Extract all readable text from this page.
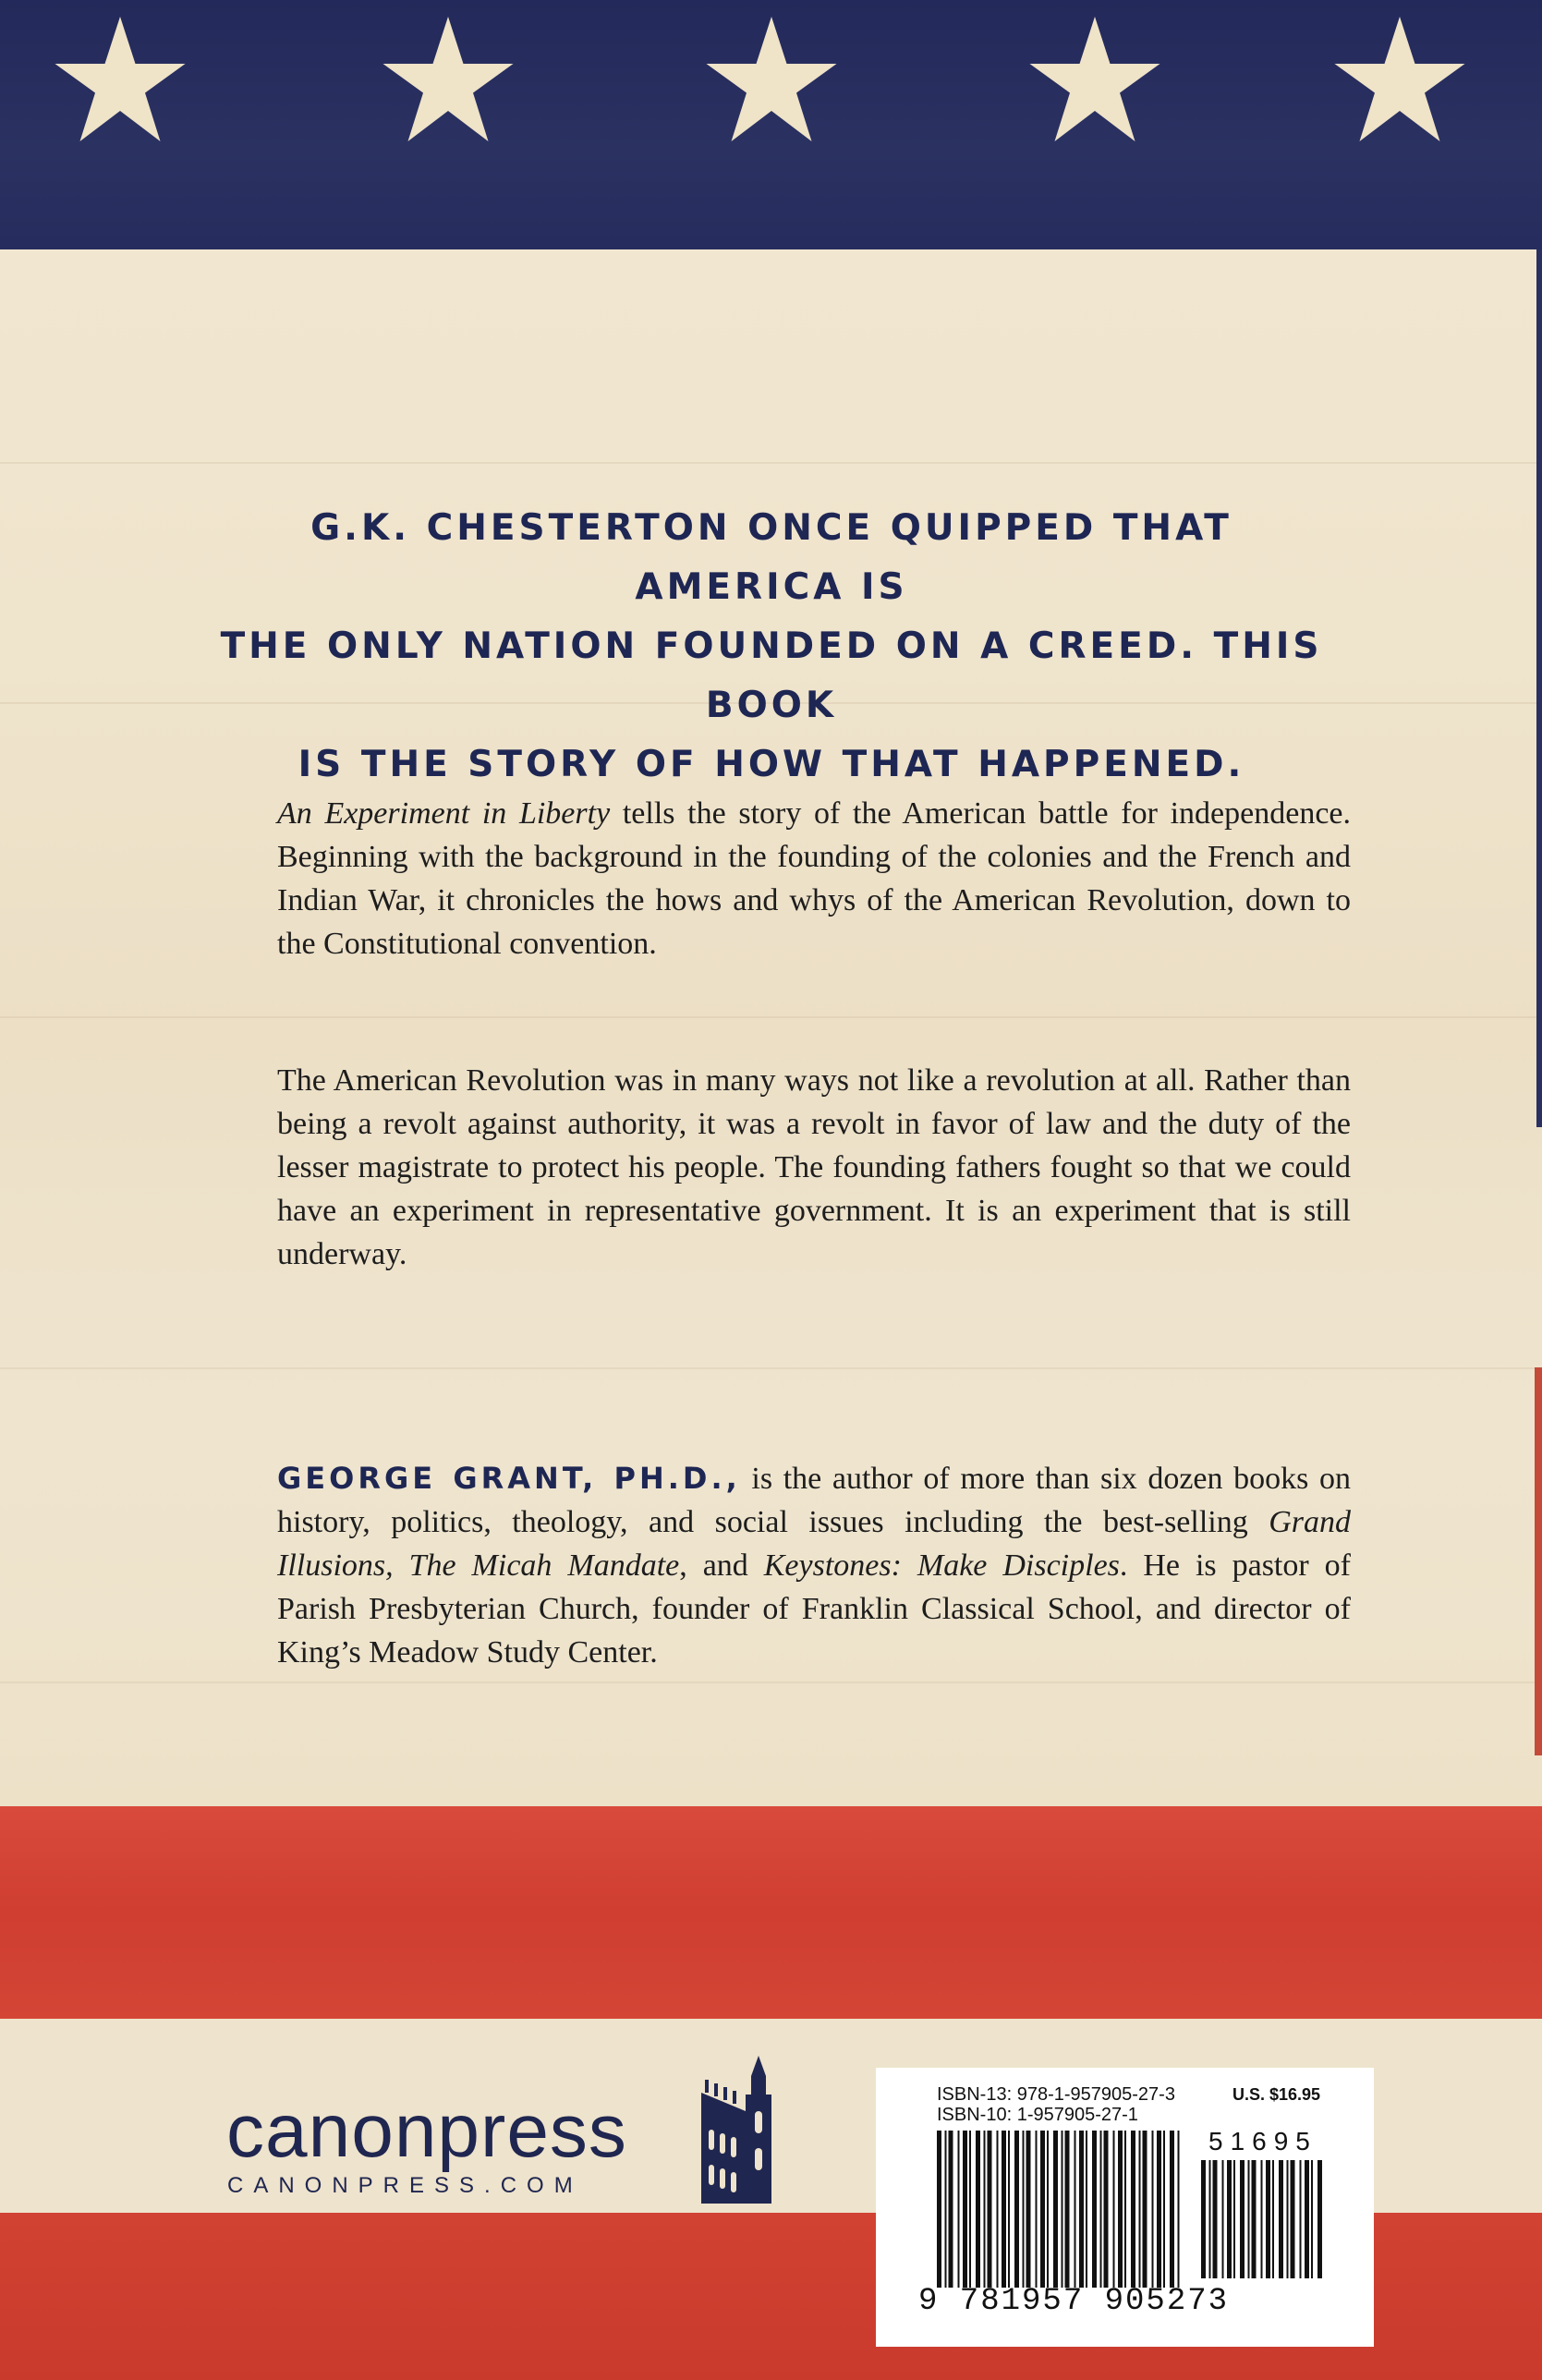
G.K. CHESTERTON ONCE QUIPPED THAT AMERICA IS
THE ONLY NATION FOUNDED ON A CREED. THIS BOOK
IS THE STORY OF HOW THAT HAPPENED.

An Experiment in Liberty tells the story of the American battle for independence. Beginning with the background in the founding of the colonies and the French and Indian War, it chronicles the hows and whys of the American Revolution, down to the Constitutional convention.

The American Revolution was in many ways not like a revolution at all. Rather than being a revolt against authority, it was a revolt in favor of law and the duty of the lesser magistrate to protect his people. The founding fathers fought so that we could have an experiment in representative government. It is an experiment that is still underway.

GEORGE GRANT, PH.D., is the author of more than six dozen books on history, politics, theology, and social issues including the best-selling Grand Illusions, The Micah Mandate, and Keystones: Make Disciples. He is pastor of Parish Presbyterian Church, founder of Franklin Classical School, and director of King’s Meadow Study Center.

canonpress

CANONPRESS.COM

ISBN-13: 978-1-957905-27-3

ISBN-10: 1-957905-27-1

U.S. $16.95

51695

9 781957 905273
